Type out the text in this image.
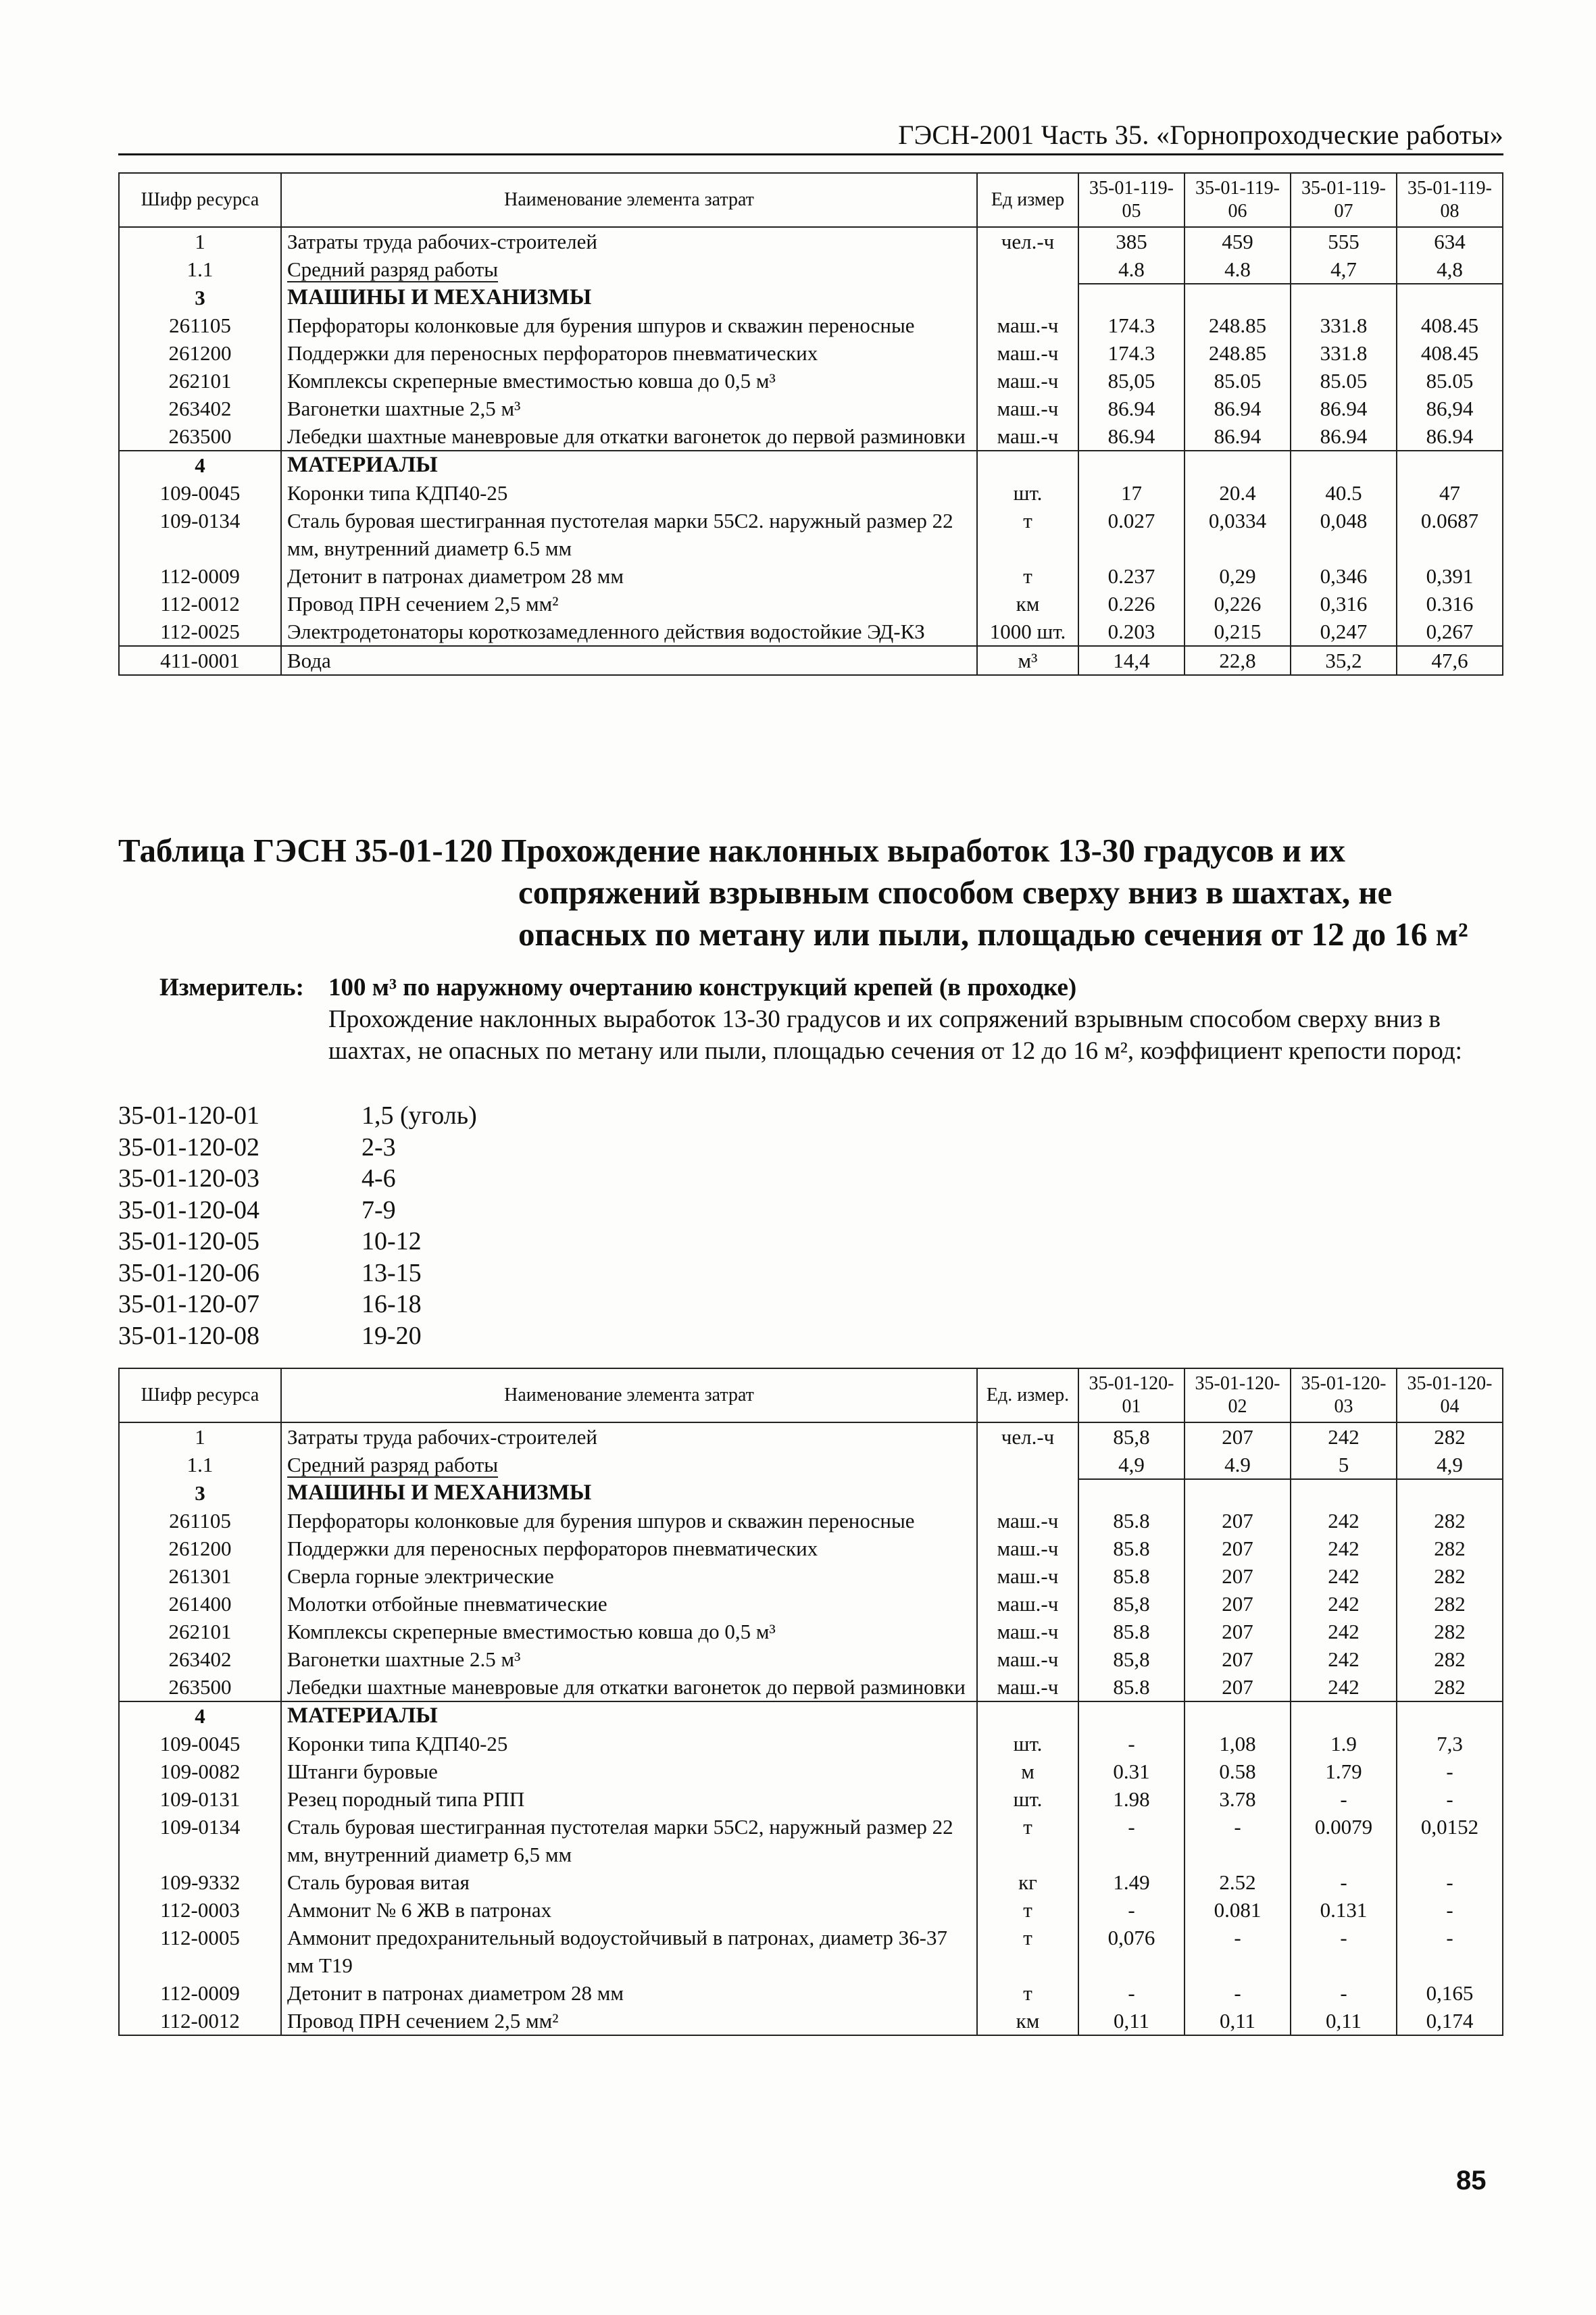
ГЭСН-2001 Часть 35. «Горнопроходческие работы»
Шифр ресурса	Наименование элемента затрат	Ед измер	35-01-119-05	35-01-119-06	35-01-119-07	35-01-119-08
1	Затраты труда рабочих-строителей	чел.-ч	385	459	555	634
1.1	Средний разряд работы		4.8	4.8	4,7	4,8
3	МАШИНЫ И МЕХАНИЗМЫ					
261105	Перфораторы колонковые для бурения шпуров и скважин переносные	маш.-ч	174.3	248.85	331.8	408.45
261200	Поддержки для переносных перфораторов пневматических	маш.-ч	174.3	248.85	331.8	408.45
262101	Комплексы скреперные вместимостью ковша до 0,5 м³	маш.-ч	85,05	85.05	85.05	85.05
263402	Вагонетки шахтные 2,5 м³	маш.-ч	86.94	86.94	86.94	86,94
263500	Лебедки шахтные маневровые для откатки вагонеток до первой разминовки	маш.-ч	86.94	86.94	86.94	86.94
4	МАТЕРИАЛЫ					
109-0045	Коронки типа КДП40-25	шт.	17	20.4	40.5	47
109-0134	Сталь буровая шестигранная пустотелая марки 55С2. наружный размер 22 мм, внутренний диаметр 6.5 мм	т	0.027	0,0334	0,048	0.0687
112-0009	Детонит в патронах диаметром 28 мм	т	0.237	0,29	0,346	0,391
112-0012	Провод ПРН сечением 2,5 мм²	км	0.226	0,226	0,316	0.316
112-0025	Электродетонаторы короткозамедленного действия водостойкие ЭД-КЗ	1000 шт.	0.203	0,215	0,247	0,267
411-0001	Вода	м³	14,4	22,8	35,2	47,6
Таблица ГЭСН 35-01-120 Прохождение наклонных выработок 13-30 градусов и их
сопряжений взрывным способом сверху вниз в шахтах, не
опасных по метану или пыли, площадью сечения от 12 до 16 м²
Измеритель: 100 м³ по наружному очертанию конструкций крепей (в проходке)
Прохождение наклонных выработок 13-30 градусов и их сопряжений взрывным способом сверху вниз в шахтах, не опасных по метану или пыли, площадью сечения от 12 до 16 м², коэффициент крепости пород:
35-01-120-01	1,5 (уголь)
35-01-120-02	2-3
35-01-120-03	4-6
35-01-120-04	7-9
35-01-120-05	10-12
35-01-120-06	13-15
35-01-120-07	16-18
35-01-120-08	19-20
Шифр ресурса	Наименование элемента затрат	Ед. измер.	35-01-120-01	35-01-120-02	35-01-120-03	35-01-120-04
1	Затраты труда рабочих-строителей	чел.-ч	85,8	207	242	282
1.1	Средний разряд работы		4,9	4.9	5	4,9
3	МАШИНЫ И МЕХАНИЗМЫ					
261105	Перфораторы колонковые для бурения шпуров и скважин переносные	маш.-ч	85.8	207	242	282
261200	Поддержки для переносных перфораторов пневматических	маш.-ч	85.8	207	242	282
261301	Сверла горные электрические	маш.-ч	85.8	207	242	282
261400	Молотки отбойные пневматические	маш.-ч	85,8	207	242	282
262101	Комплексы скреперные вместимостью ковша до 0,5 м³	маш.-ч	85.8	207	242	282
263402	Вагонетки шахтные 2.5 м³	маш.-ч	85,8	207	242	282
263500	Лебедки шахтные маневровые для откатки вагонеток до первой разминовки	маш.-ч	85.8	207	242	282
4	МАТЕРИАЛЫ					
109-0045	Коронки типа КДП40-25	шт.	-	1,08	1.9	7,3
109-0082	Штанги буровые	м	0.31	0.58	1.79	-
109-0131	Резец породный типа РПП	шт.	1.98	3.78	-	-
109-0134	Сталь буровая шестигранная пустотелая марки 55С2, наружный размер 22 мм, внутренний диаметр 6,5 мм	т	-	-	0.0079	0,0152
109-9332	Сталь буровая витая	кг	1.49	2.52	-	-
112-0003	Аммонит № 6 ЖВ в патронах	т	-	0.081	0.131	-
112-0005	Аммонит предохранительный водоустойчивый в патронах, диаметр 36-37 мм Т19	т	0,076	-	-	-
112-0009	Детонит в патронах диаметром 28 мм	т	-	-	-	0,165
112-0012	Провод ПРН сечением 2,5 мм²	км	0,11	0,11	0,11	0,174
85
